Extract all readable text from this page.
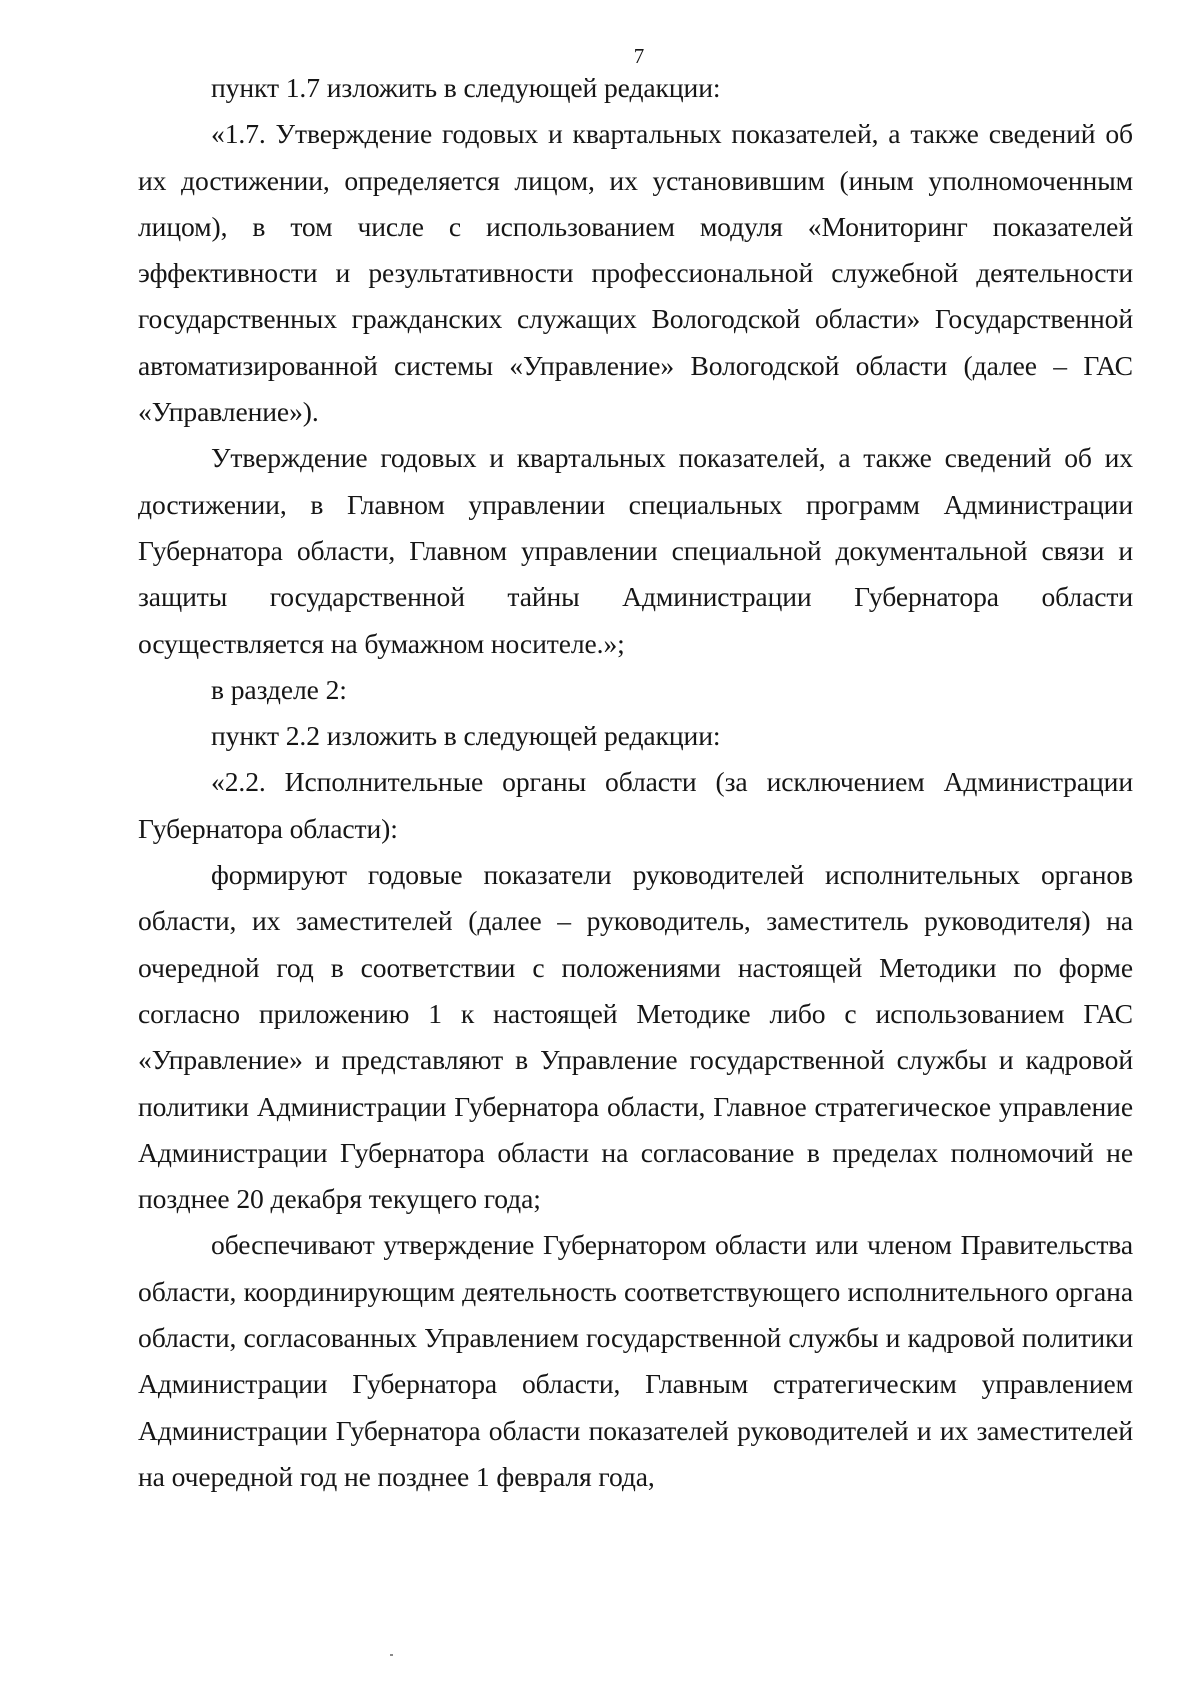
7

пункт 1.7 изложить в следующей редакции:

«1.7. Утверждение годовых и квартальных показателей, а также сведений об их достижении, определяется лицом, их установившим (иным уполномоченным лицом), в том числе с использованием модуля «Мониторинг показателей эффективности и результативности профессиональной служебной деятельности государственных гражданских служащих Вологодской области» Государственной автоматизированной системы «Управление» Вологодской области (далее – ГАС «Управление»).

Утверждение годовых и квартальных показателей, а также сведений об их достижении, в Главном управлении специальных программ Администрации Губернатора области, Главном управлении специальной документальной связи и защиты государственной тайны Администрации Губернатора области осуществляется на бумажном носителе.»;

в разделе 2:

пункт 2.2 изложить в следующей редакции:

«2.2. Исполнительные органы области (за исключением Администрации Губернатора области):

формируют годовые показатели руководителей исполнительных органов области, их заместителей (далее – руководитель, заместитель руководителя) на очередной год в соответствии с положениями настоящей Методики по форме согласно приложению 1 к настоящей Методике либо с использованием ГАС «Управление» и представляют в Управление государственной службы и кадровой политики Администрации Губернатора области, Главное стратегическое управление Администрации Губернатора области на согласование в пределах полномочий не позднее 20 декабря текущего года;

обеспечивают утверждение Губернатором области или членом Правительства области, координирующим деятельность соответствующего исполнительного органа области, согласованных Управлением государственной службы и кадровой политики Администрации Губернатора области, Главным стратегическим управлением Администрации Губернатора области показателей руководителей и их заместителей на очередной год не позднее 1 февраля года,
